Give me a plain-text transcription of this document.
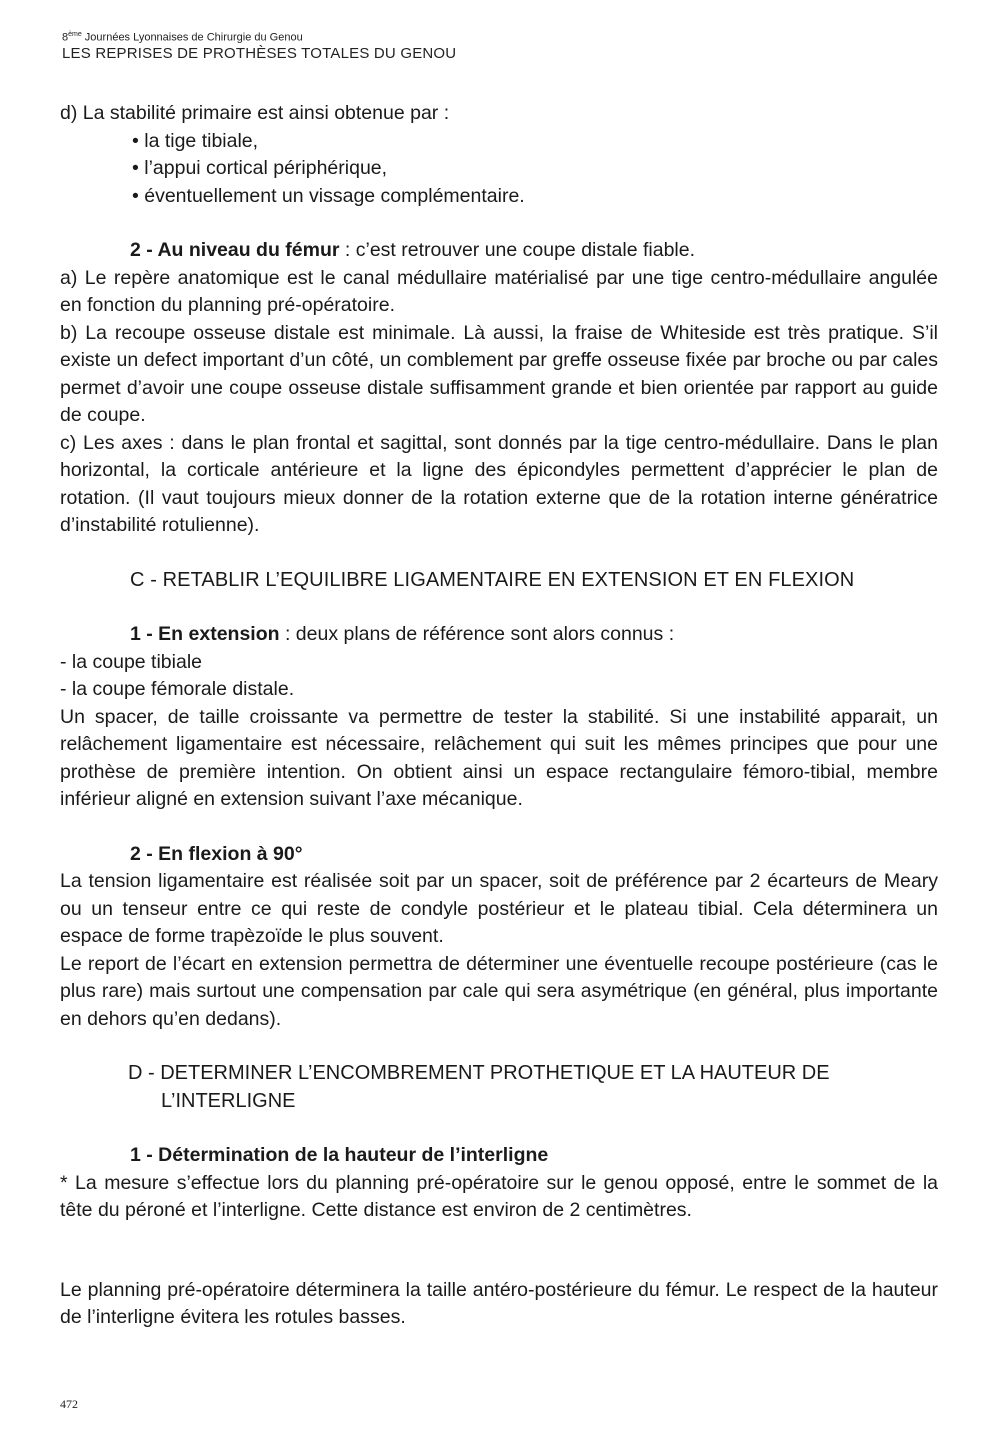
8ème Journées Lyonnaises de Chirurgie du Genou
LES REPRISES DE PROTHÈSES TOTALES DU GENOU

d) La stabilité primaire est ainsi obtenue par :

• la tige tibiale,

• l’appui cortical périphérique,

• éventuellement un vissage complémentaire.

2 - Au niveau du fémur : c’est retrouver une coupe distale fiable.

a) Le repère anatomique est le canal médullaire matérialisé par une tige centro-médullaire angulée en fonction du planning pré-opératoire.

b) La recoupe osseuse distale est minimale. Là aussi, la fraise de Whiteside est très pratique. S’il existe un defect important d’un côté, un comblement par greffe osseuse fixée par broche ou par cales permet d’avoir une coupe osseuse distale suffisamment grande et bien orientée par rapport au guide de coupe.

c) Les axes : dans le plan frontal et sagittal, sont donnés par la tige centro-médullaire. Dans le plan horizontal, la corticale antérieure et la ligne des épicondyles permettent d’apprécier le plan de rotation. (Il vaut toujours mieux donner de la rotation externe que de la rotation interne génératrice d’instabilité rotulienne).

C - RETABLIR L’EQUILIBRE LIGAMENTAIRE EN EXTENSION ET EN FLEXION

1 - En extension : deux plans de référence sont alors connus :

- la coupe tibiale

- la coupe fémorale distale.

Un spacer, de taille croissante va permettre de tester la stabilité. Si une instabilité apparait, un relâchement ligamentaire est nécessaire, relâchement qui suit les mêmes principes que pour une prothèse de première intention. On obtient ainsi un espace rectangulaire fémoro-tibial, membre inférieur aligné en extension suivant l’axe mécanique.

2 - En flexion à 90°

La tension ligamentaire est réalisée soit par un spacer, soit de préférence par 2 écarteurs de Meary ou un tenseur entre ce qui reste de condyle postérieur et le plateau tibial. Cela déterminera un espace de forme trapèzoïde le plus souvent.

Le report de l’écart en extension permettra de déterminer une éventuelle recoupe postérieure (cas le plus rare) mais surtout une compensation par cale qui sera asymétrique (en général, plus importante en dehors qu’en dedans).

D - DETERMINER L’ENCOMBREMENT PROTHETIQUE ET LA HAUTEUR DE
L’INTERLIGNE

1 - Détermination de la hauteur de l’interligne

* La mesure s’effectue lors du planning pré-opératoire sur le genou opposé, entre le sommet de la tête du péroné et l’interligne. Cette distance est environ de 2 centimètres.

Le planning pré-opératoire déterminera la taille antéro-postérieure du fémur. Le respect de la hauteur de l’interligne évitera les rotules basses.

472
